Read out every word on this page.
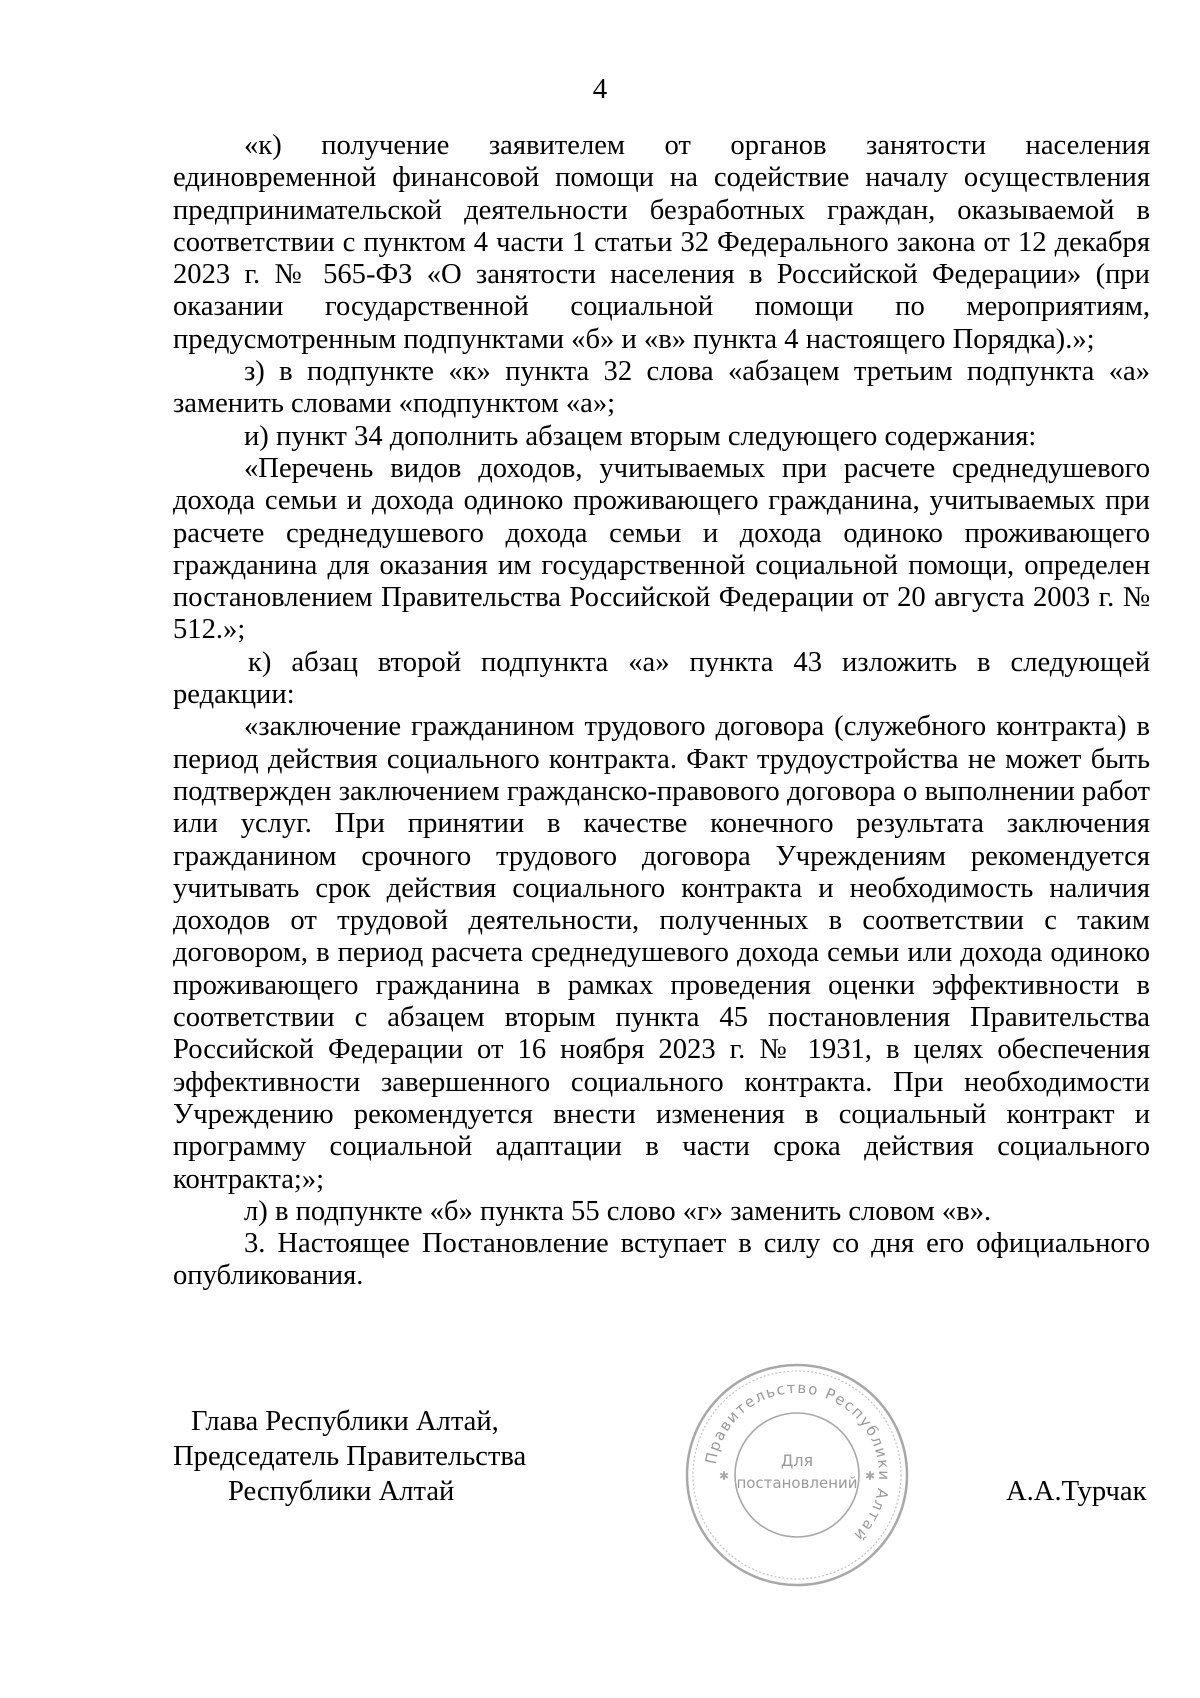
4

«к) получение заявителем от органов занятости населения единовременной финансовой помощи на содействие началу осуществления предпринимательской деятельности безработных граждан, оказываемой в соответствии с пунктом 4 части 1 статьи 32 Федерального закона от 12 декабря 2023 г. № 565-ФЗ «О занятости населения в Российской Федерации» (при оказании государственной социальной помощи по мероприятиям, предусмотренным подпунктами «б» и «в» пункта 4 настоящего Порядка).»;

з) в подпункте «к» пункта 32 слова «абзацем третьим подпункта «а» заменить словами «подпунктом «а»;

и) пункт 34 дополнить абзацем вторым следующего содержания:

«Перечень видов доходов, учитываемых при расчете среднедушевого дохода семьи и дохода одиноко проживающего гражданина, учитываемых при расчете среднедушевого дохода семьи и дохода одиноко проживающего гражданина для оказания им государственной социальной помощи, определен постановлением Правительства Российской Федерации от 20 августа 2003 г. № 512.»;

к) абзац второй подпункта «а» пункта 43 изложить в следующей редакции:

«заключение гражданином трудового договора (служебного контракта) в период действия социального контракта. Факт трудоустройства не может быть подтвержден заключением гражданско-правового договора о выполнении работ или услуг. При принятии в качестве конечного результата заключения гражданином срочного трудового договора Учреждениям рекомендуется учитывать срок действия социального контракта и необходимость наличия доходов от трудовой деятельности, полученных в соответствии с таким договором, в период расчета среднедушевого дохода семьи или дохода одиноко проживающего гражданина в рамках проведения оценки эффективности в соответствии с абзацем вторым пункта 45 постановления Правительства Российской Федерации от 16 ноября 2023 г. № 1931, в целях обеспечения эффективности завершенного социального контракта. При необходимости Учреждению рекомендуется внести изменения в социальный контракт и программу социальной адаптации в части срока действия социального контракта;»;

л) в подпункте «б» пункта 55 слово «г» заменить словом «в».

3. Настоящее Постановление вступает в силу со дня его официального опубликования.

Глава Республики Алтай,
Председатель Правительства
Республики Алтай
Правительство Республики Алтай
Для
постановлений
✱	✱	А.А.Турчак
